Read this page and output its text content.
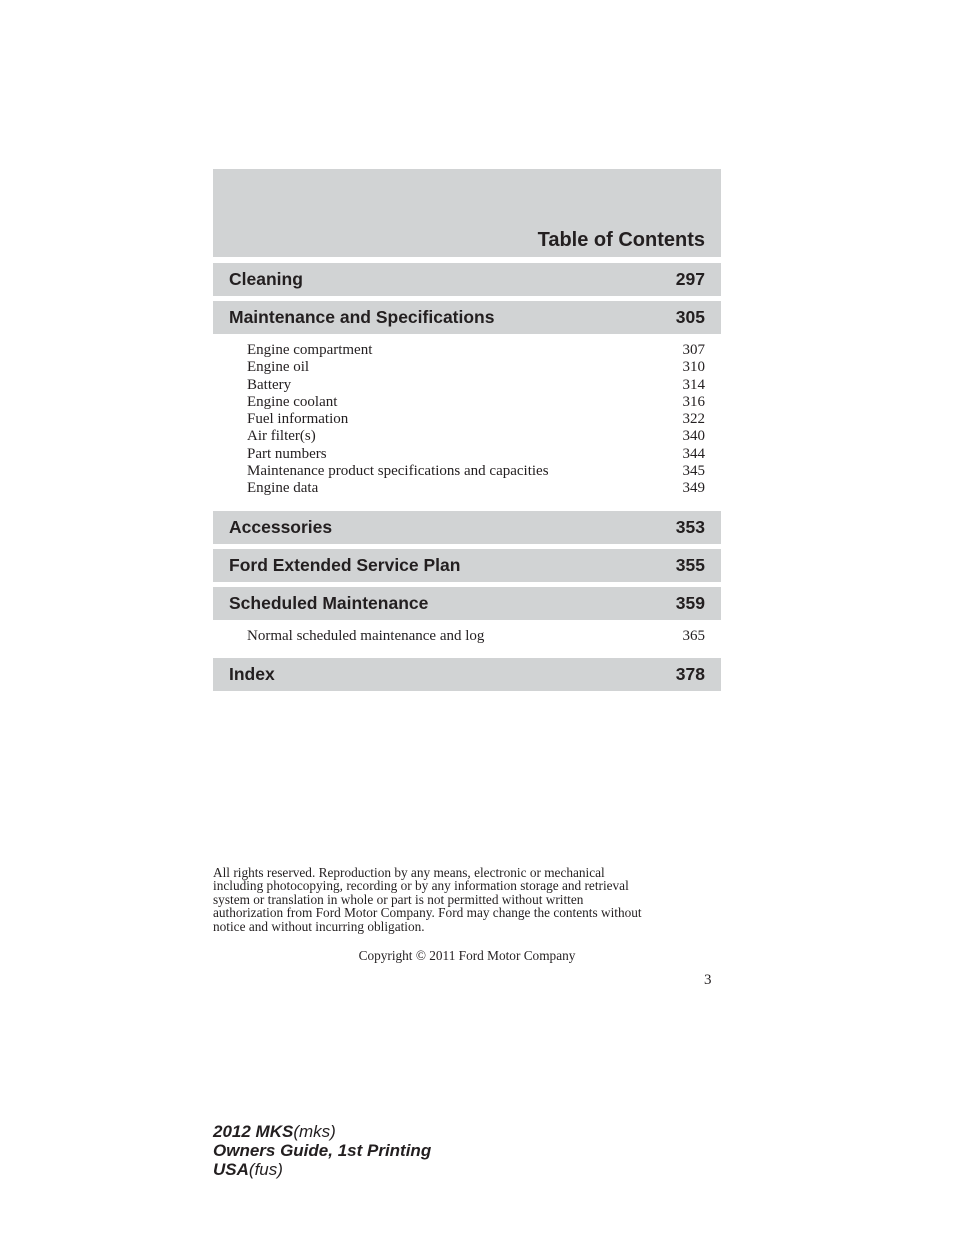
Table of Contents
Cleaning	297
Maintenance and Specifications	305
Engine compartment	307
Engine oil	310
Battery	314
Engine coolant	316
Fuel information	322
Air filter(s)	340
Part numbers	344
Maintenance product specifications and capacities	345
Engine data	349
Accessories	353
Ford Extended Service Plan	355
Scheduled Maintenance	359
Normal scheduled maintenance and log	365
Index	378
All rights reserved. Reproduction by any means, electronic or mechanical
including photocopying, recording or by any information storage and retrieval
system or translation in whole or part is not permitted without written
authorization from Ford Motor Company. Ford may change the contents without
notice and without incurring obligation.
Copyright © 2011 Ford Motor Company
3
2012 MKS(mks)
Owners Guide, 1st Printing
USA(fus)
